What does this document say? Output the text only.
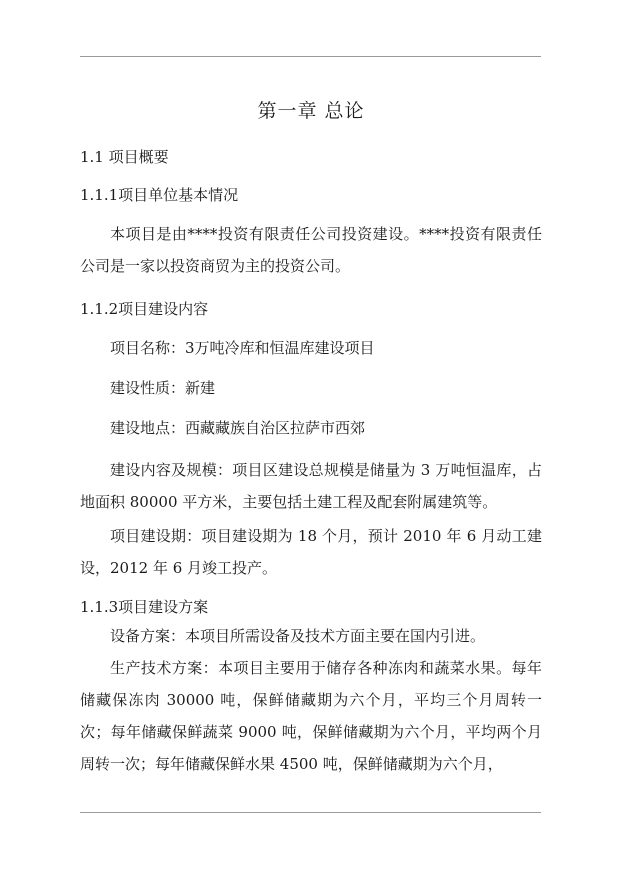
第一章 总论
1.1 项目概要
1.1.1项目单位基本情况

本项目是由****投资有限责任公司投资建设。****投资有限责任公司是一家以投资商贸为主的投资公司。

1.1.2项目建设内容

项目名称：3万吨冷库和恒温库建设项目

建设性质：新建

建设地点：西藏藏族自治区拉萨市西郊

建设内容及规模：项目区建设总规模是储量为 3 万吨恒温库，占地面积 80000 平方米，主要包括土建工程及配套附属建筑等。

项目建设期：项目建设期为 18 个月，预计 2010 年 6 月动工建设，2012 年 6 月竣工投产。

1.1.3项目建设方案

设备方案：本项目所需设备及技术方面主要在国内引进。

生产技术方案：本项目主要用于储存各种冻肉和蔬菜水果。每年储藏保冻肉 30000 吨，保鲜储藏期为六个月，平均三个月周转一次；每年储藏保鲜蔬菜 9000 吨，保鲜储藏期为六个月，平均两个月周转一次；每年储藏保鲜水果 4500 吨，保鲜储藏期为六个月，
